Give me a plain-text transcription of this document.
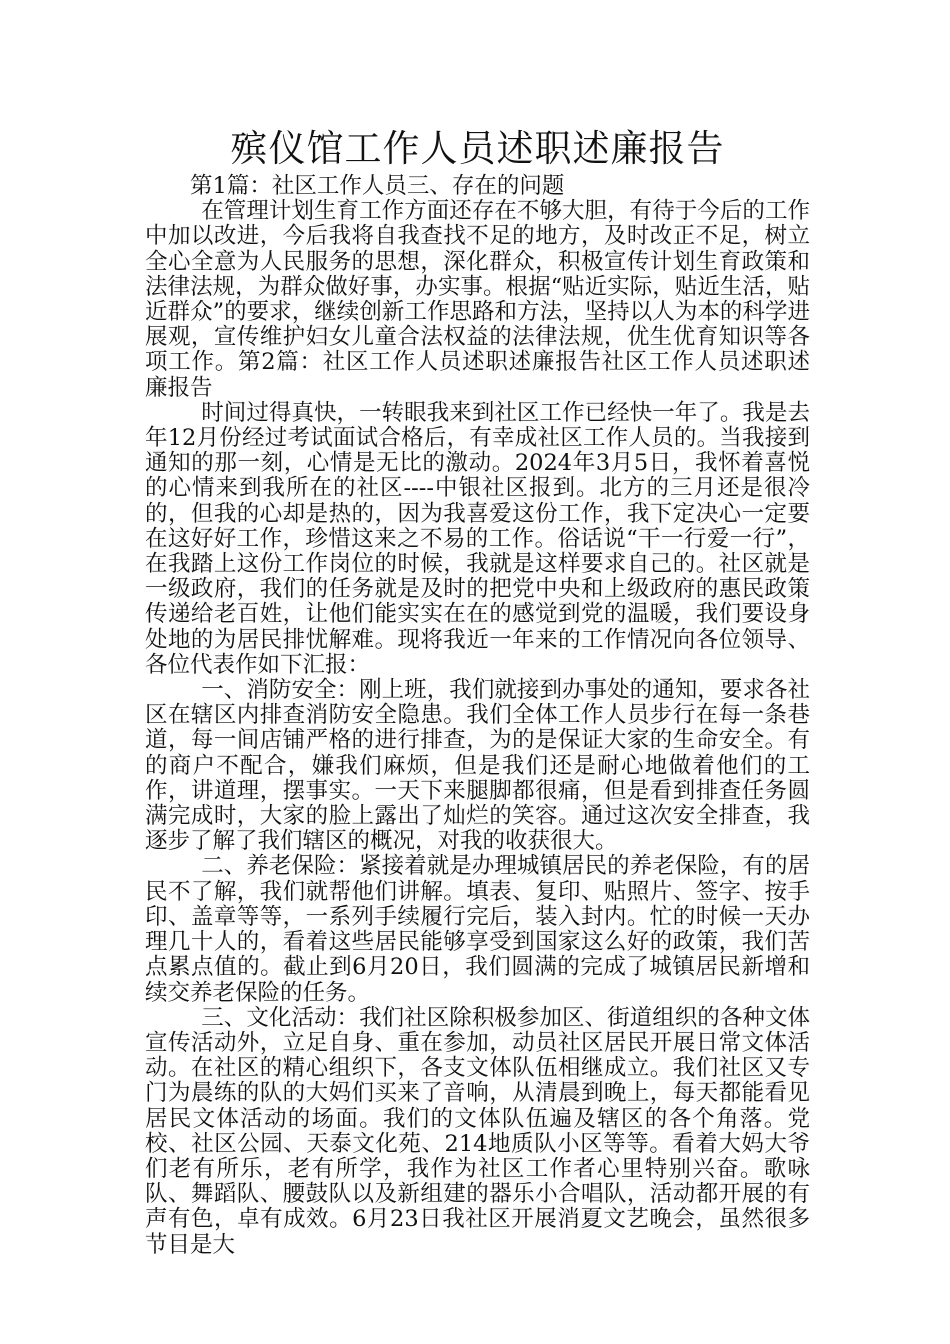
殡仪馆工作人员述职述廉报告

第1篇：社区工作人员三、存在的问题

在管理计划生育工作方面还存在不够大胆，有待于今后的工作中加以改进，今后我将自我查找不足的地方，及时改正不足，树立全心全意为人民服务的思想，深化群众，积极宣传计划生育政策和法律法规，为群众做好事，办实事。根据“贴近实际，贴近生活，贴近群众”的要求，继续创新工作思路和方法，坚持以人为本的科学进展观，宣传维护妇女儿童合法权益的法律法规，优生优育知识等各项工作。第2篇：社区工作人员述职述廉报告社区工作人员述职述廉报告

时间过得真快，一转眼我来到社区工作已经快一年了。我是去年12月份经过考试面试合格后，有幸成社区工作人员的。当我接到通知的那一刻，心情是无比的激动。2024年3月5日，我怀着喜悦的心情来到我所在的社区----中银社区报到。北方的三月还是很冷的，但我的心却是热的，因为我喜爱这份工作，我下定决心一定要在这好好工作，珍惜这来之不易的工作。俗话说“干一行爱一行”，在我踏上这份工作岗位的时候，我就是这样要求自己的。社区就是一级政府，我们的任务就是及时的把党中央和上级政府的惠民政策传递给老百姓，让他们能实实在在的感觉到党的温暖，我们要设身处地的为居民排忧解难。现将我近一年来的工作情况向各位领导、各位代表作如下汇报：

一、消防安全：刚上班，我们就接到办事处的通知，要求各社区在辖区内排查消防安全隐患。我们全体工作人员步行在每一条巷道，每一间店铺严格的进行排查，为的是保证大家的生命安全。有的商户不配合，嫌我们麻烦，但是我们还是耐心地做着他们的工作，讲道理，摆事实。一天下来腿脚都很痛，但是看到排查任务圆满完成时，大家的脸上露出了灿烂的笑容。通过这次安全排查，我逐步了解了我们辖区的概况，对我的收获很大。

二、养老保险：紧接着就是办理城镇居民的养老保险，有的居民不了解，我们就帮他们讲解。填表、复印、贴照片、签字、按手印、盖章等等，一系列手续履行完后，装入封内。忙的时候一天办理几十人的，看着这些居民能够享受到国家这么好的政策，我们苦点累点值的。截止到6月20日，我们圆满的完成了城镇居民新增和续交养老保险的任务。

三、文化活动：我们社区除积极参加区、街道组织的各种文体宣传活动外，立足自身、重在参加，动员社区居民开展日常文体活动。在社区的精心组织下，各支文体队伍相继成立。我们社区又专门为晨练的队的大妈们买来了音响，从清晨到晚上，每天都能看见居民文体活动的场面。我们的文体队伍遍及辖区的各个角落。党校、社区公园、天泰文化苑、214地质队小区等等。看着大妈大爷们老有所乐，老有所学，我作为社区工作者心里特别兴奋。歌咏队、舞蹈队、腰鼓队以及新组建的器乐小合唱队，活动都开展的有声有色，卓有成效。6月23日我社区开展消夏文艺晚会，虽然很多节目是大
